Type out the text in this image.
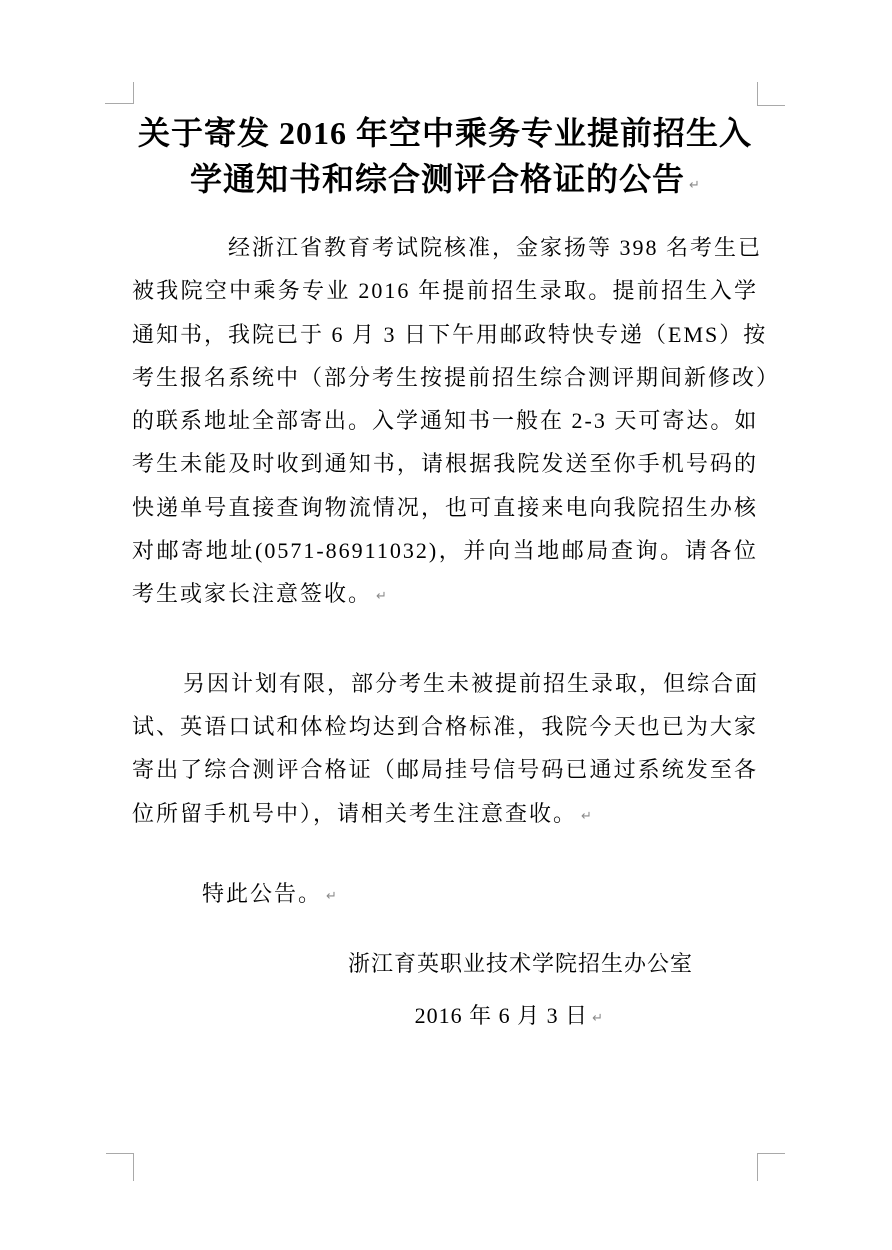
关于寄发 2016 年空中乘务专业提前招生入
学通知书和综合测评合格证的公告 ↵
经浙江省教育考试院核准，金家扬等 398 名考生已
被我院空中乘务专业 2016 年提前招生录取。提前招生入学
通知书，我院已于 6 月 3 日下午用邮政特快专递（EMS）按
考生报名系统中（部分考生按提前招生综合测评期间新修改）
的联系地址全部寄出。入学通知书一般在 2-3 天可寄达。如
考生未能及时收到通知书，请根据我院发送至你手机号码的
快递单号直接查询物流情况，也可直接来电向我院招生办核
对邮寄地址(0571-86911032)，并向当地邮局查询。请各位
考生或家长注意签收。 ↵
另因计划有限，部分考生未被提前招生录取，但综合面
试、英语口试和体检均达到合格标准，我院今天也已为大家
寄出了综合测评合格证（邮局挂号信号码已通过系统发至各
位所留手机号中），请相关考生注意查收。 ↵
特此公告。 ↵
浙江育英职业技术学院招生办公室
2016 年 6 月 3 日 ↵
